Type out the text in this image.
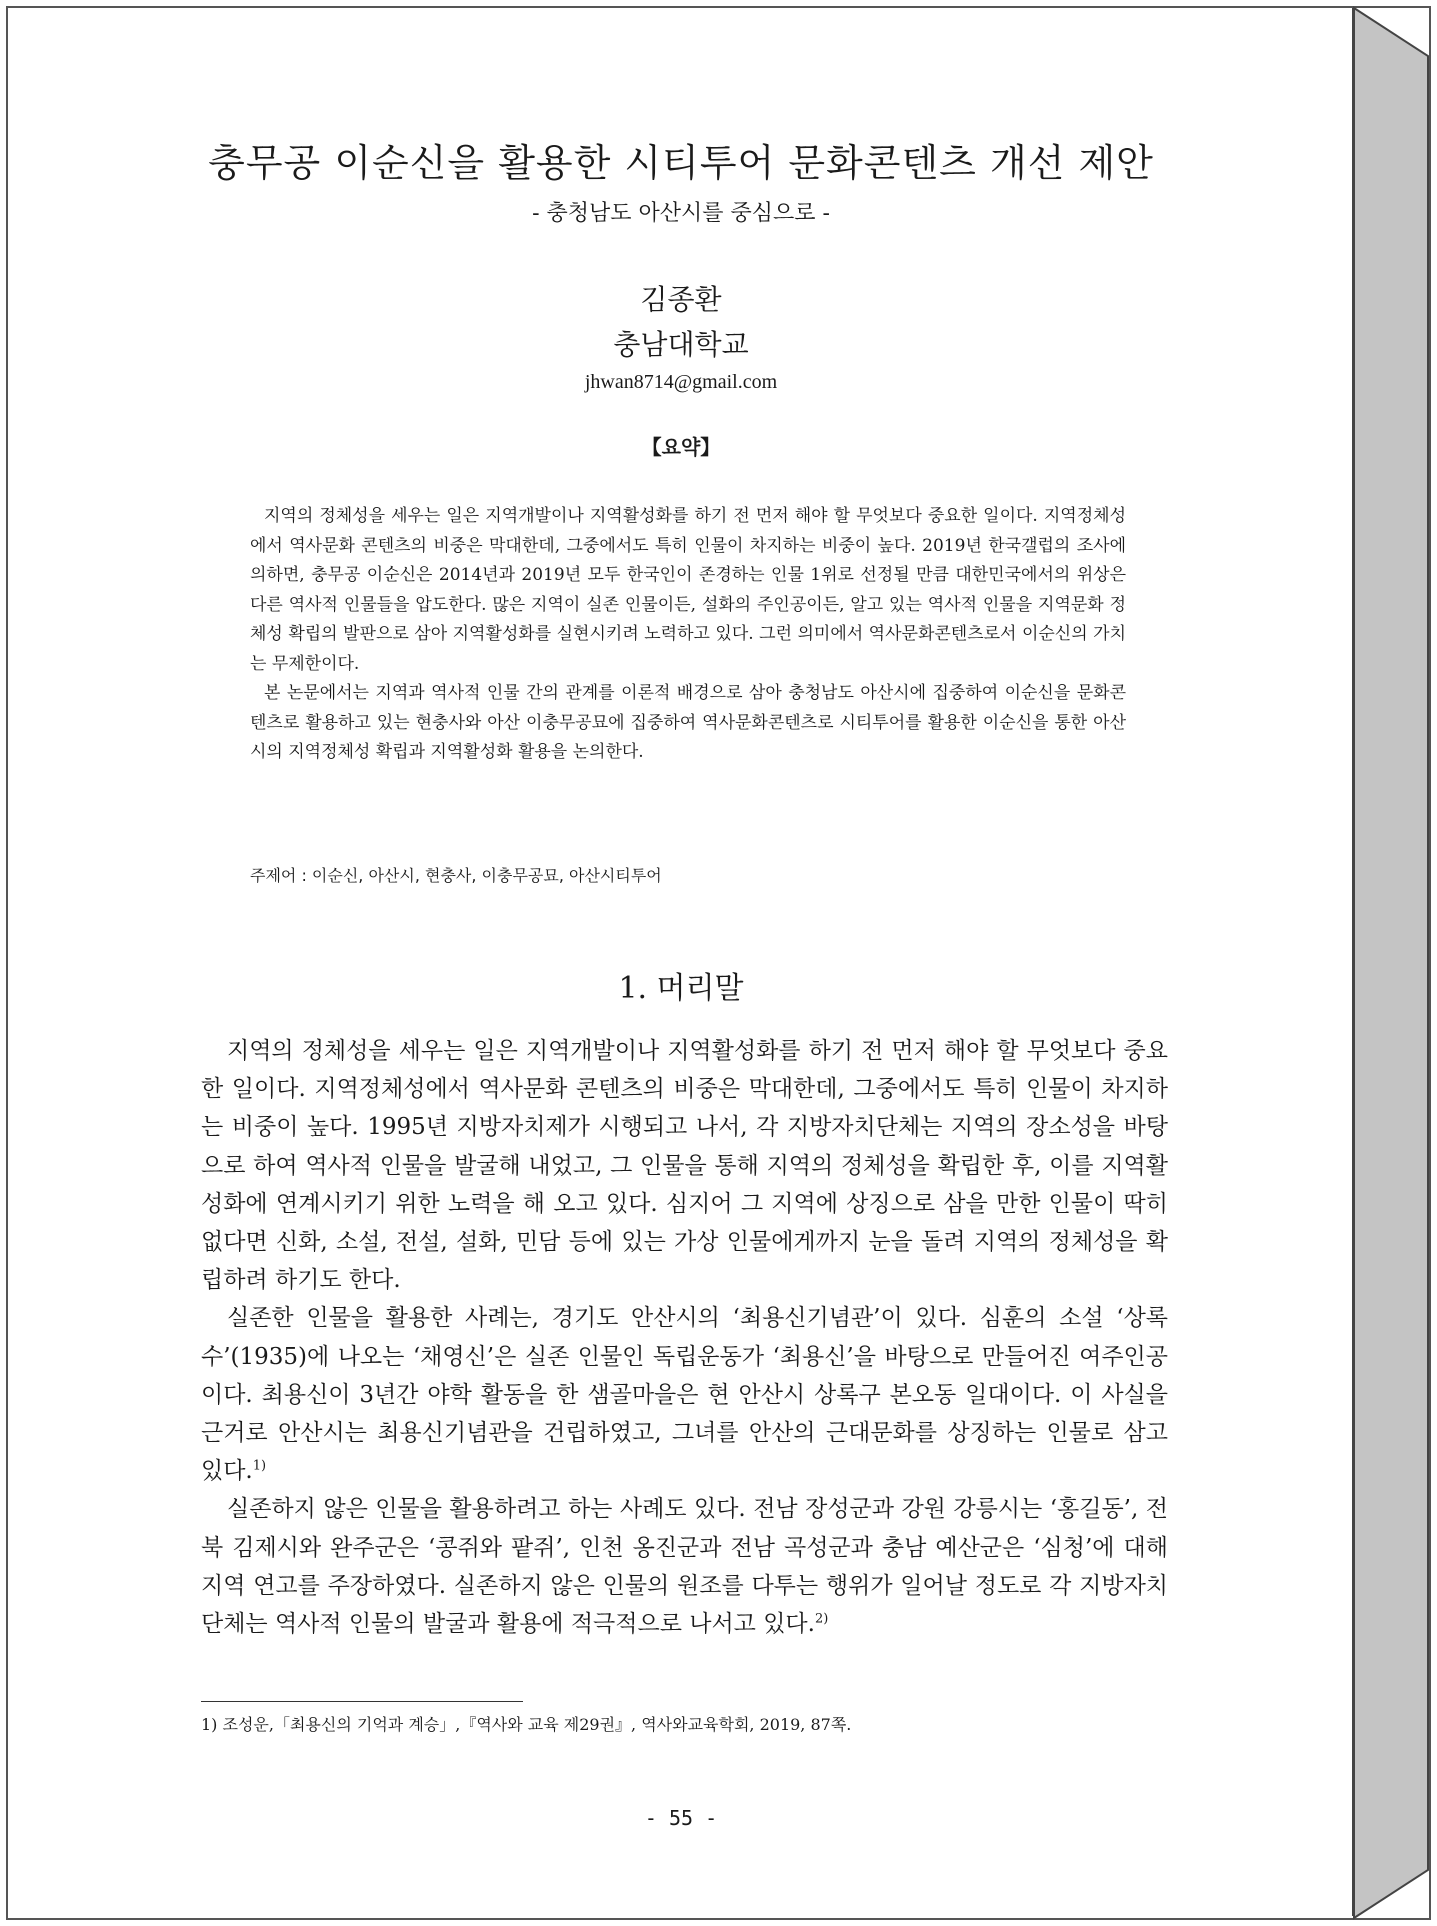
충무공 이순신을 활용한 시티투어 문화콘텐츠 개선 제안
- 충청남도 아산시를 중심으로 -
김종환
충남대학교
jhwan8714@gmail.com
【요약】

지역의 정체성을 세우는 일은 지역개발이나 지역활성화를 하기 전 먼저 해야 할 무엇보다 중요한 일이다. 지역정체성에서 역사문화 콘텐츠의 비중은 막대한데, 그중에서도 특히 인물이 차지하는 비중이 높다. 2019년 한국갤럽의 조사에 의하면, 충무공 이순신은 2014년과 2019년 모두 한국인이 존경하는 인물 1위로 선정될 만큼 대한민국에서의 위상은 다른 역사적 인물들을 압도한다. 많은 지역이 실존 인물이든, 설화의 주인공이든, 알고 있는 역사적 인물을 지역문화 정체성 확립의 발판으로 삼아 지역활성화를 실현시키려 노력하고 있다. 그런 의미에서 역사문화콘텐츠로서 이순신의 가치는 무제한이다.

본 논문에서는 지역과 역사적 인물 간의 관계를 이론적 배경으로 삼아 충청남도 아산시에 집중하여 이순신을 문화콘텐츠로 활용하고 있는 현충사와 아산 이충무공묘에 집중하여 역사문화콘텐츠로 시티투어를 활용한 이순신을 통한 아산시의 지역정체성 확립과 지역활성화 활용을 논의한다.

주제어 : 이순신, 아산시, 현충사, 이충무공묘, 아산시티투어
1. 머리말

지역의 정체성을 세우는 일은 지역개발이나 지역활성화를 하기 전 먼저 해야 할 무엇보다 중요한 일이다. 지역정체성에서 역사문화 콘텐츠의 비중은 막대한데, 그중에서도 특히 인물이 차지하는 비중이 높다. 1995년 지방자치제가 시행되고 나서, 각 지방자치단체는 지역의 장소성을 바탕으로 하여 역사적 인물을 발굴해 내었고, 그 인물을 통해 지역의 정체성을 확립한 후, 이를 지역활성화에 연계시키기 위한 노력을 해 오고 있다. 심지어 그 지역에 상징으로 삼을 만한 인물이 딱히 없다면 신화, 소설, 전설, 설화, 민담 등에 있는 가상 인물에게까지 눈을 돌려 지역의 정체성을 확립하려 하기도 한다.

실존한 인물을 활용한 사례는, 경기도 안산시의 ‘최용신기념관’이 있다. 심훈의 소설 ‘상록수’(1935)에 나오는 ‘채영신’은 실존 인물인 독립운동가 ‘최용신’을 바탕으로 만들어진 여주인공이다. 최용신이 3년간 야학 활동을 한 샘골마을은 현 안산시 상록구 본오동 일대이다. 이 사실을 근거로 안산시는 최용신기념관을 건립하였고, 그녀를 안산의 근대문화를 상징하는 인물로 삼고 있다.$^{1)}$

실존하지 않은 인물을 활용하려고 하는 사례도 있다. 전남 장성군과 강원 강릉시는 ‘홍길동’, 전북 김제시와 완주군은 ‘콩쥐와 팥쥐’, 인천 옹진군과 전남 곡성군과 충남 예산군은 ‘심청’에 대해 지역 연고를 주장하였다. 실존하지 않은 인물의 원조를 다투는 행위가 일어날 정도로 각 지방자치단체는 역사적 인물의 발굴과 활용에 적극적으로 나서고 있다.$^{2)}$

1) 조성운,「최용신의 기억과 계승」,『역사와 교육 제29권』, 역사와교육학회, 2019, 87쪽.
- 55 -
